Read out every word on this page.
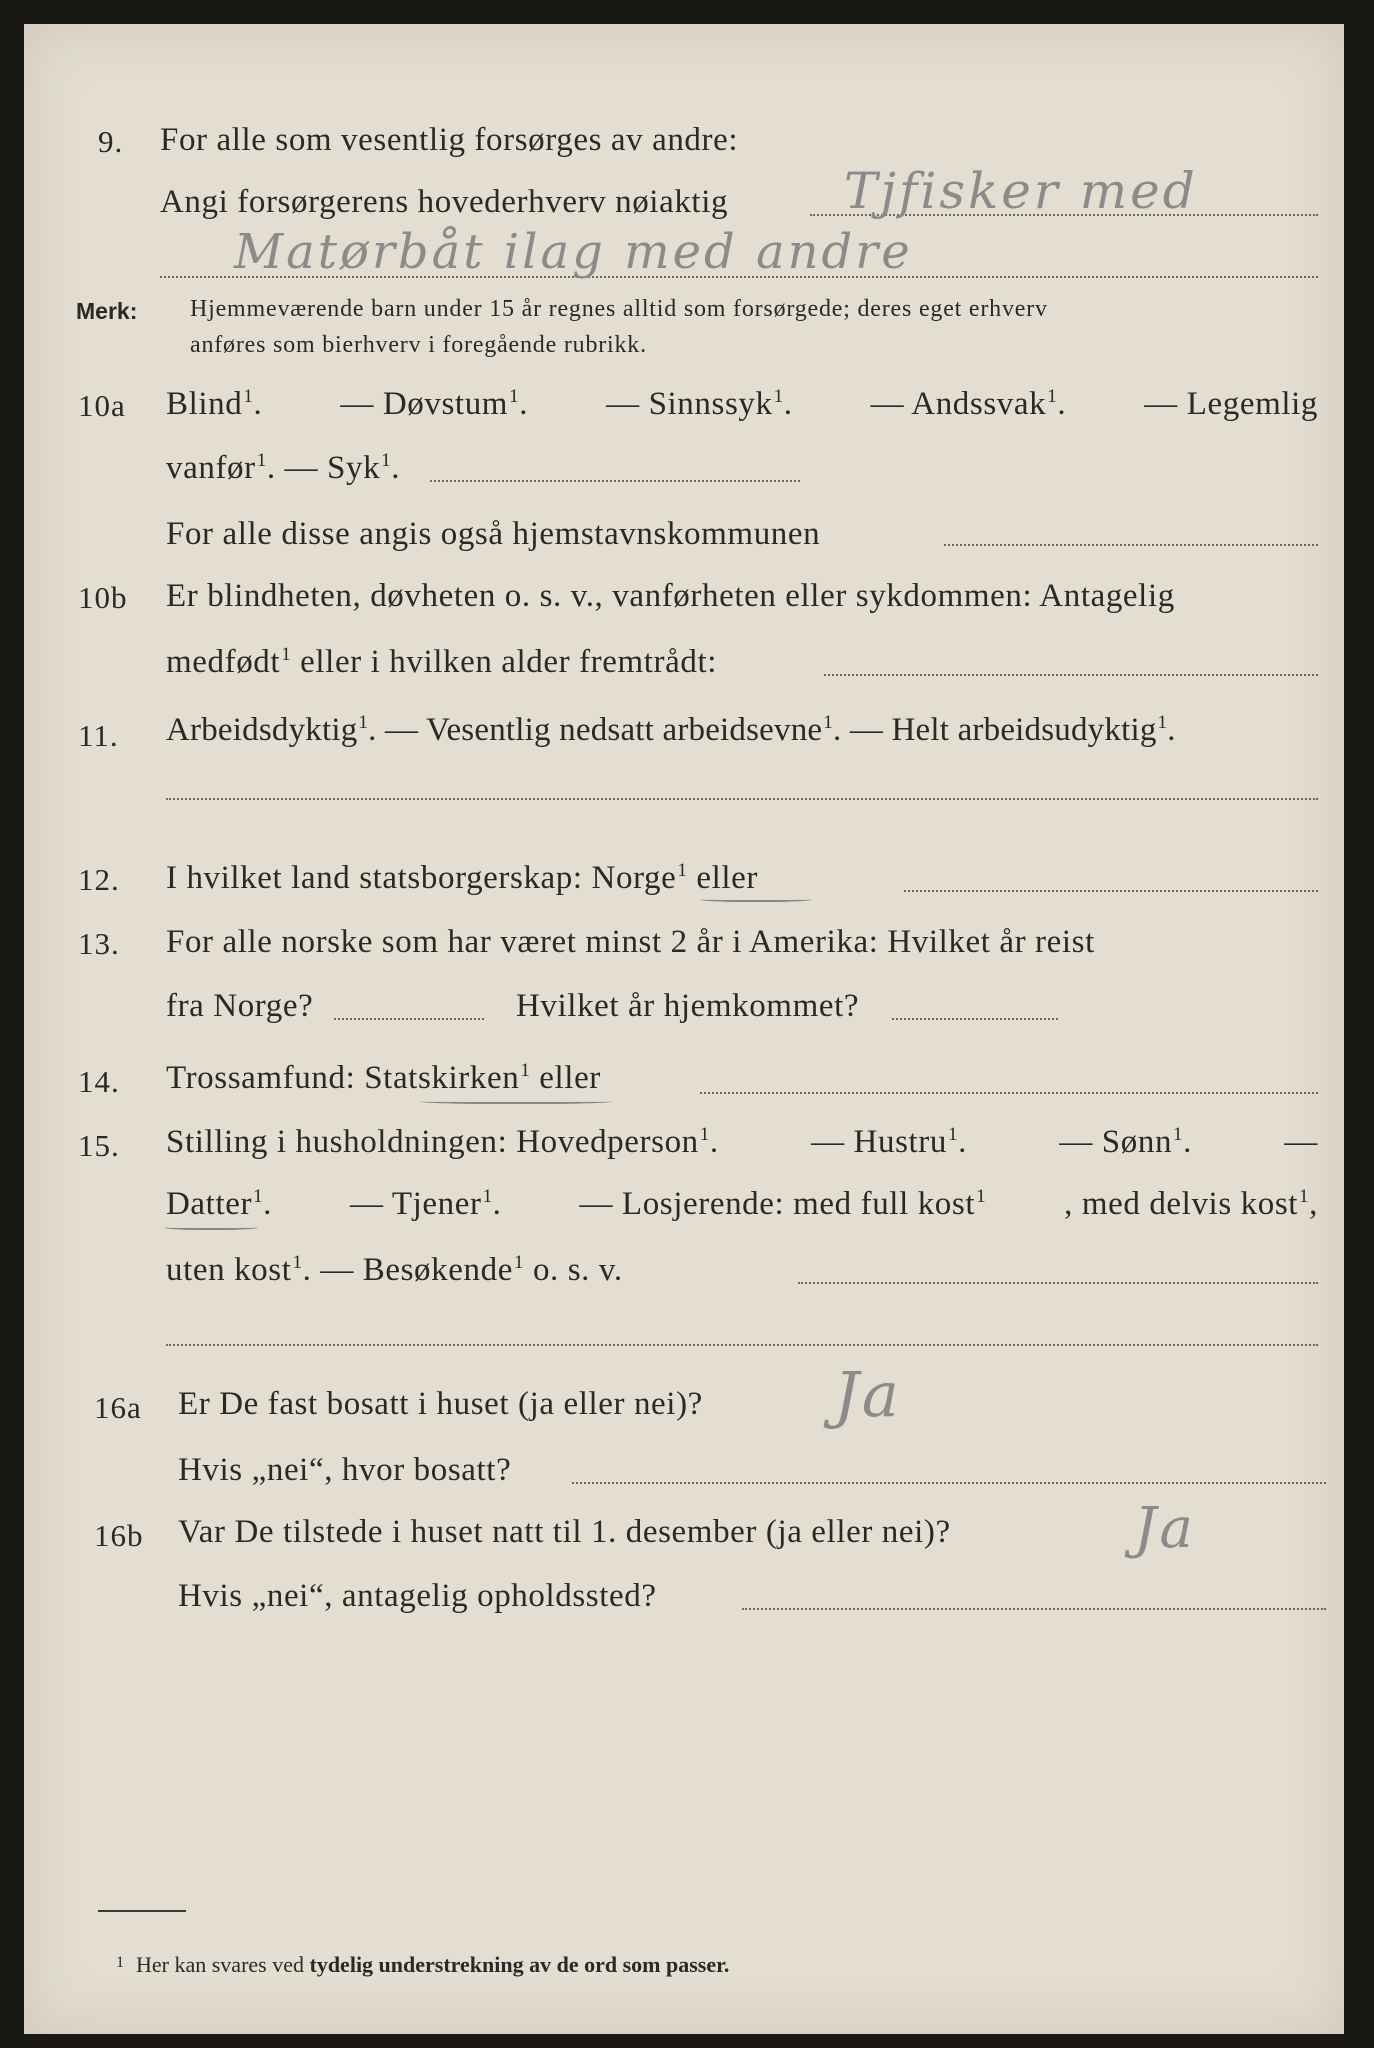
9. For alle som vesentlig forsørges av andre:
Angi forsørgerens hovederhverv nøiaktig Tjfisker med
Matørbåt ilag med andre
Merk: Hjemmeværende barn under 15 år regnes alltid som forsørgede; deres eget erhverv
anføres som bierhverv i foregående rubrikk.
10a Blind$^1$. — Døvstum$^1$. — Sinnssyk$^1$. — Andssvak$^1$. — Legemlig
vanfør$^1$. — Syk$^1$.
For alle disse angis også hjemstavnskommunen
10b Er blindheten, døvheten o. s. v., vanførheten eller sykdommen: Antagelig
medfødt$^1$ eller i hvilken alder fremtrådt:
11. Arbeidsdyktig$^1$. — Vesentlig nedsatt arbeidsevne$^1$. — Helt arbeidsudyktig$^1$.
12. I hvilket land statsborgerskap: Norge$^1$ eller
13. For alle norske som har været minst 2 år i Amerika: Hvilket år reist
fra Norge?	Hvilket år hjemkommet?
14. Trossamfund: Statskirken$^1$ eller
15. Stilling i husholdningen: Hovedperson$^1$.	— Hustru$^1$.	— Sønn$^1$.	—
Datter$^1$. — Tjener$^1$. — Losjerende: med full kost$^1$ , med delvis kost$^1$,
uten kost$^1$. — Besøkende$^1$ o. s. v.
16a Er De fast bosatt i huset (ja eller nei)? Ja
Hvis „nei“, hvor bosatt?
16b Var De tilstede i huset natt til 1. desember (ja eller nei)?	Ja
Hvis „nei“, antagelig opholdssted?
1 Her kan svares ved tydelig understrekning av de ord som passer.
